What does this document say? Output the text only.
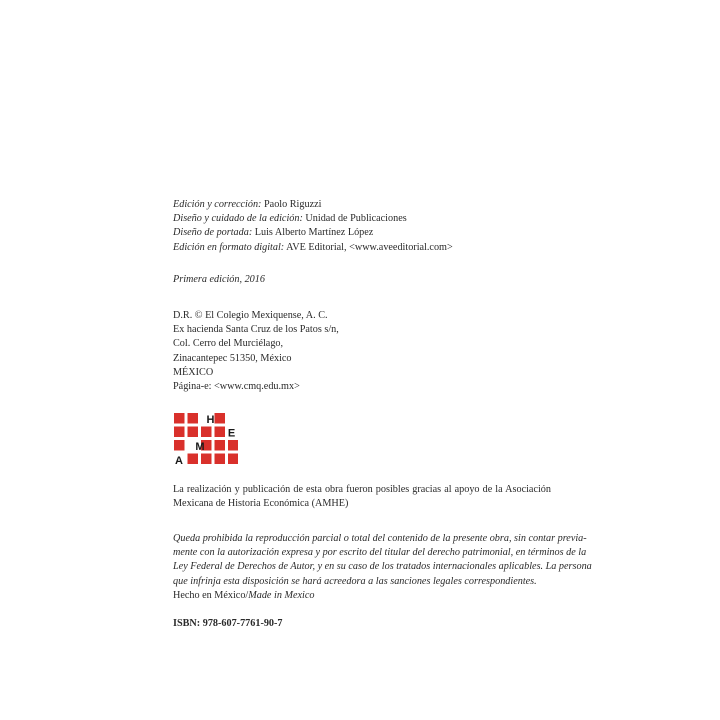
Edición y corrección: Paolo Riguzzi
Diseño y cuidado de la edición: Unidad de Publicaciones
Diseño de portada: Luis Alberto Martínez López
Edición en formato digital: AVE Editorial, <www.aveeditorial.com>
Primera edición, 2016
D.R. © El Colegio Mexiquense, A. C.
Ex hacienda Santa Cruz de los Patos s/n,
Col. Cerro del Murciélago,
Zinacantepec 51350, México
MÉXICO
Página-e: <www.cmq.edu.mx>
H
E
M
A
La realización y publicación de esta obra fueron posibles gracias al apoyo de la Asociación
Mexicana de Historia Económica (AMHE)
Queda prohibida la reproducción parcial o total del contenido de la presente obra, sin contar previa-
mente con la autorización expresa y por escrito del titular del derecho patrimonial, en términos de la
Ley Federal de Derechos de Autor, y en su caso de los tratados internacionales aplicables. La persona
que infrinja esta disposición se hará acreedora a las sanciones legales correspondientes.
Hecho en México/Made in Mexico
ISBN: 978-607-7761-90-7
